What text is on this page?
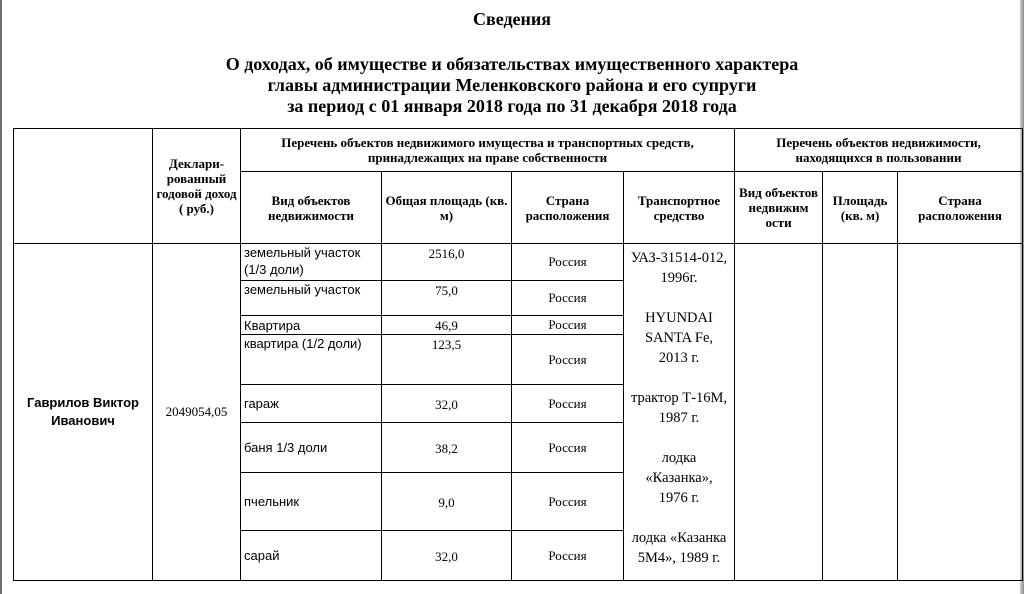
Сведения
О доходах, об имуществе и обязательствах имущественного характера
главы администрации Меленковского района и его супруги
за период с 01 января 2018 года по 31 декабря 2018 года
	Деклари-рованный годовой доход ( руб.)	Перечень объектов недвижимого имущества и транспортных средств, принадлежащих на праве собственности				Перечень объектов недвижимости, находящихся в пользовании		
		Вид объектов недвижимости	Общая площадь (кв. м)	Страна расположения	Транспортное средство	Вид объектов недвижим ости	Площадь (кв. м)	Страна расположения
Гаврилов Виктор Иванович	2049054,05	земельный участок (1/3 доли)	2516,0	Россия	УАЗ-31514-012, 1996г.
HYUNDAI SANTA Fe, 2013 г.
трактор Т-16М, 1987 г.
лодка «Казанка», 1976 г.
лодка «Казанка 5М4», 1989 г.			

		земельный участок	75,0	Россия				
		Квартира	46,9	Россия				
		квартира (1/2 доли)	123,5	Россия				
		гараж	32,0	Россия				
		баня 1/3 доли	38,2	Россия				
		пчельник	9,0	Россия				
		сарай	32,0	Россия				
